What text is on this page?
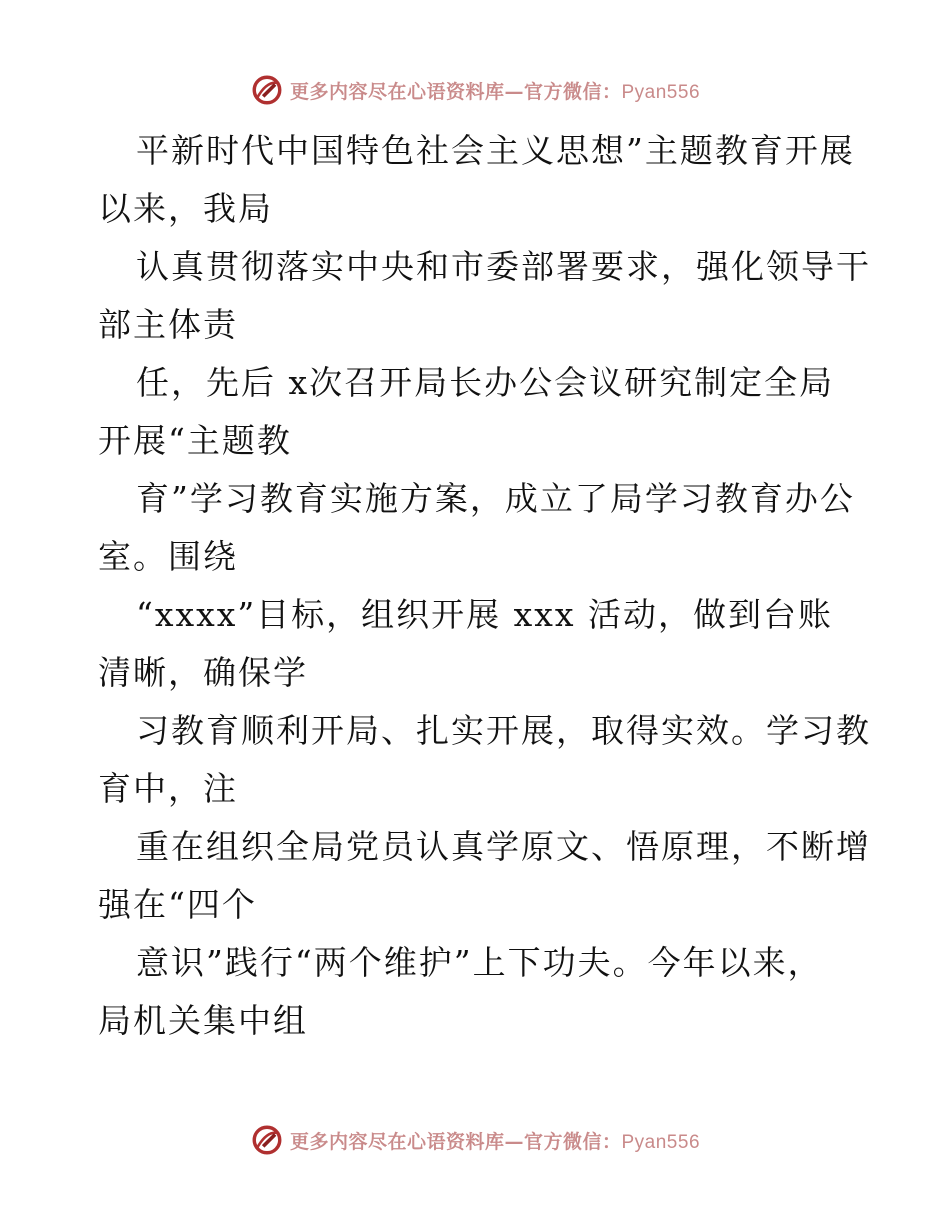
更多内容尽在心语资料库—官方微信：Pyan556
平新时代中国特色社会主义思想”主题教育开展
以来，我局
认真贯彻落实中央和市委部署要求，强化领导干
部主体责
任，先后 x次召开局长办公会议研究制定全局
开展“主题教
育”学习教育实施方案，成立了局学习教育办公
室。围绕
“xxxx”目标，组织开展 xxx 活动，做到台账
清晰，确保学
习教育顺利开局、扎实开展，取得实效。学习教
育中，注
重在组织全局党员认真学原文、悟原理，不断增
强在“四个
意识”践行“两个维护”上下功夫。今年以来，
局机关集中组
更多内容尽在心语资料库—官方微信：Pyan556
